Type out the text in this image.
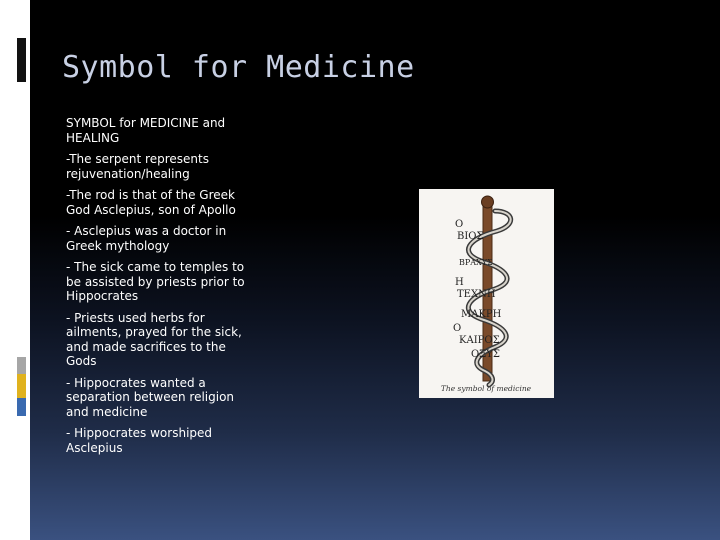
Symbol for Medicine

SYMBOL for MEDICINE and HEALING

-The serpent represents rejuvenation/healing

-The rod is that of the Greek God Asclepius, son of Apollo

- Asclepius was a doctor in Greek mythology

- The sick came to temples to be assisted by priests prior to Hippocrates

- Priests used herbs for ailments, prayed for the sick, and made sacrifices to the Gods

- Hippocrates wanted a separation between religion and medicine

- Hippocrates worshiped Asclepius

Ο
ΒΙΟΣ
ΒΡΑΧΥΣ
Η
ΤΕΧΝΗ
ΜΑΚΡΗ
Ο
ΚΑΙΡΟΣ
ΟΞΥΣ
The symbol of medicine
